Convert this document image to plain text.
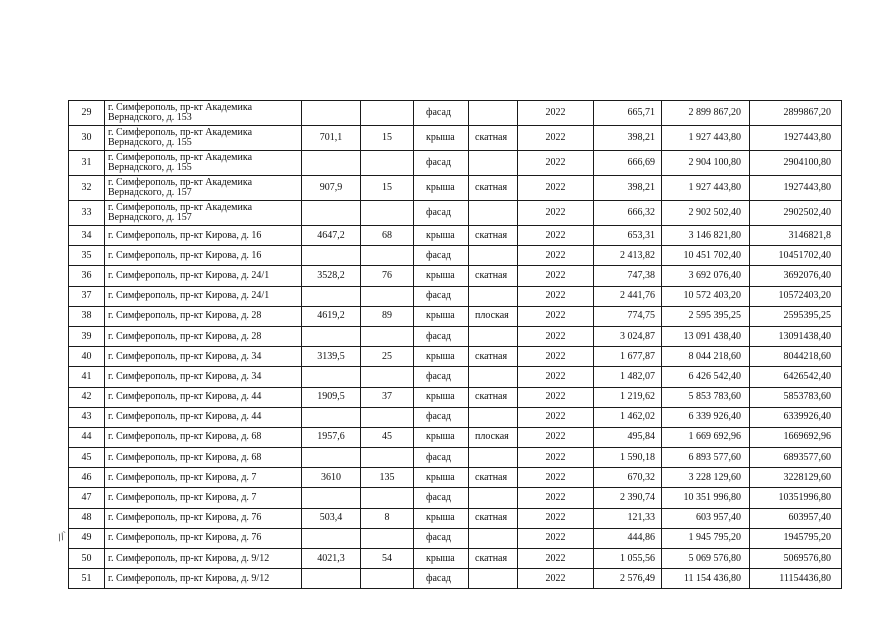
29	г. Симферополь, пр-кт Академика Вернадского, д. 153			фасад		2022	665,71	2 899 867,20	2899867,20
30	г. Симферополь, пр-кт Академика Вернадского, д. 155	701,1	15	крыша	скатная	2022	398,21	1 927 443,80	1927443,80
31	г. Симферополь, пр-кт Академика Вернадского, д. 155			фасад		2022	666,69	2 904 100,80	2904100,80
32	г. Симферополь, пр-кт Академика Вернадского, д. 157	907,9	15	крыша	скатная	2022	398,21	1 927 443,80	1927443,80
33	г. Симферополь, пр-кт Академика Вернадского, д. 157			фасад		2022	666,32	2 902 502,40	2902502,40
34	г. Симферополь, пр-кт Кирова, д. 16	4647,2	68	крыша	скатная	2022	653,31	3 146 821,80	3146821,8
35	г. Симферополь, пр-кт Кирова, д. 16			фасад		2022	2 413,82	10 451 702,40	10451702,40
36	г. Симферополь, пр-кт Кирова, д. 24/1	3528,2	76	крыша	скатная	2022	747,38	3 692 076,40	3692076,40
37	г. Симферополь, пр-кт Кирова, д. 24/1			фасад		2022	2 441,76	10 572 403,20	10572403,20
38	г. Симферополь, пр-кт Кирова, д. 28	4619,2	89	крыша	плоская	2022	774,75	2 595 395,25	2595395,25
39	г. Симферополь, пр-кт Кирова, д. 28			фасад		2022	3 024,87	13 091 438,40	13091438,40
40	г. Симферополь, пр-кт Кирова, д. 34	3139,5	25	крыша	скатная	2022	1 677,87	8 044 218,60	8044218,60
41	г. Симферополь, пр-кт Кирова, д. 34			фасад		2022	1 482,07	6 426 542,40	6426542,40
42	г. Симферополь, пр-кт Кирова, д. 44	1909,5	37	крыша	скатная	2022	1 219,62	5 853 783,60	5853783,60
43	г. Симферополь, пр-кт Кирова, д. 44			фасад		2022	1 462,02	6 339 926,40	6339926,40
44	г. Симферополь, пр-кт Кирова, д. 68	1957,6	45	крыша	плоская	2022	495,84	1 669 692,96	1669692,96
45	г. Симферополь, пр-кт Кирова, д. 68			фасад		2022	1 590,18	6 893 577,60	6893577,60
46	г. Симферополь, пр-кт Кирова, д. 7	3610	135	крыша	скатная	2022	670,32	3 228 129,60	3228129,60
47	г. Симферополь, пр-кт Кирова, д. 7			фасад		2022	2 390,74	10 351 996,80	10351996,80
48	г. Симферополь, пр-кт Кирова, д. 76	503,4	8	крыша	скатная	2022	121,33	603 957,40	603957,40
49	г. Симферополь, пр-кт Кирова, д. 76			фасад		2022	444,86	1 945 795,20	1945795,20
50	г. Симферополь, пр-кт Кирова, д. 9/12	4021,3	54	крыша	скатная	2022	1 055,56	5 069 576,80	5069576,80
51	г. Симферополь, пр-кт Кирова, д. 9/12			фасад		2022	2 576,49	11 154 436,80	11154436,80
//`
